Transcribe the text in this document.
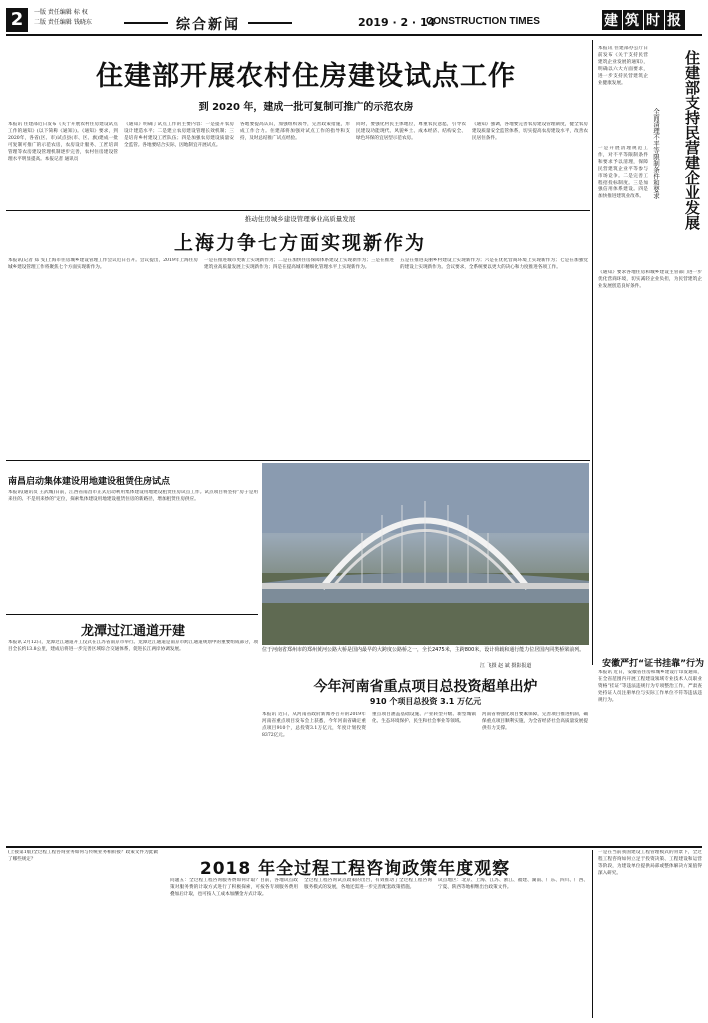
2	一版 责任编辑 标 权
二版 责任编辑 钱晓东	综合新闻	2019 · 2 · 14
CONSTRUCTION TIMES	建 筑 时 报
住建部开展农村住房建设试点工作
到 2020 年，建成一批可复制可推广的示范农房
本报讯 住建部近日发布《关于开展农村住房建设试点工作的通知》(以下简称《通知》)。《通知》要求，到2020年，各省(区、市)试点县(市、区、旗)建成一批可复制可推广的示范农房，农房设计服务、工匠培训管理等农房建设管理机制逐步完善，农村住房建设管理水平明显提高。本报记者 通讯员
《通知》明确了试点工作的主要内容：一是提升农房设计建造水平；二是建立农房建设管理长效机制；三是培育乡村建设工匠队伍；四是加强农房建设质量安全监管。各地要结合实际，因地制宜开展试点。
各地要提高认识，加强组织领导，完善政策措施，形成工作合力。住建部将加强对试点工作的指导和支持，及时总结推广试点经验。
同时，要强化村民主体地位，尊重农民意愿，引导农民建设功能现代、风貌乡土、成本经济、结构安全、绿色环保的宜居型示范农房。
《通知》强调，各地要完善农房建设管理制度，健全农房建设质量安全监管体系，切实提高农房建设水平，改善农民居住条件。	住建部支持民营建企业发展
全面清理不平等限制条件和要求
本报讯 住建部办公厅日前发布《关于支持民营建筑企业发展的通知》，明确以六大方面要求，进一步支持民营建筑企业健康发展。
一是开展清理规范工作，对不平等限制条件和要求予以清理，保障民营建筑企业平等参与市场竞争。二是完善工程招投标制度。三是加强信用体系建设。四是加快推进建筑业改革。
《通知》要求各地住房和城乡建设主管部门进一步优化营商环境，切实减轻企业负担，为民营建筑企业发展创造良好条件。
安徽严打“证书挂靠”行为
本报讯 近日，安徽省住房和城乡建设厅印发通知，在全省范围内开展工程建设领域专业技术人员职业资格“挂证”等违法违规行为专项整治工作，严肃查处持证人员注册单位与实际工作单位不符等违法违规行为。
推动住房城乡建设管理事业高质量发展
上海力争七方面实现新作为
本报讯(记者 郑 雯)上海市住房城乡建设管理工作会议近日召开。会议提出，2019年上海住房城乡建设管理工作将聚焦七个方面实现新作为。
一是在推进城市更新上实现新作为；二是在加快住房保障体系建设上实现新作为；三是在推进建筑业高质量发展上实现新作为；四是在提高城市精细化管理水平上实现新作为。
五是在推进美丽乡村建设上实现新作为；六是在优化营商环境上实现新作为；七是在加强党的建设上实现新作为。会议要求，全系统要以更大的决心和力度推进各项工作。
南昌启动集体建设用地建设租赁住房试点
本报讯(通讯员 王武城)日前，江西省南昌市正式启动利用集体建设用地建设租赁住房试点工作。试点项目将坚持“房子是用来住的、不是用来炒的”定位，探索集体建设用地建设租赁住房的新路径，增加租赁住房供应。
龙潭过江通道开建
本报讯 2月12日，龙潭过江通道开工仪式在江苏省南京市举行。龙潭过江通道是南京市跨江通道规划中的重要组成部分，项目全长约13.8公里，建成后将进一步完善区域综合交通体系，促进长江两岸协调发展。	位于河南省郑州市的郑州黄河公路大桥是国内最早的大跨度公路桥之一，全长2475米，主跨800米，设计荷载和通行能力位居国内同类桥梁前列。
江 飞摄 赵 斌 摄影报道
今年河南省重点项目总投资超单出炉
910 个项目总投资 3.1 万亿元
本报讯 近日，从河南省政府新闻办召开的2019年河南省重点项目发布会上获悉，今年河南省确定重点项目910个，总投资3.1万亿元，年度计划投资8372亿元。
重点项目涵盖基础设施、产业转型升级、新型城镇化、生态环境保护、民生和社会事业等领域。
河南省将强化项目要素保障，完善项目推进机制，确保重点项目顺利实施，为全省经济社会高质量发展提供有力支撑。
2018 年全过程工程咨询政策年度观察
(上接第1版)全过程工程咨询业务如何与传统业务相衔接？政策文件为此做了哪些规定？
问题五：全过程工程咨询服务费如何计取？目前，各地试点政策对服务费的计取方式进行了积极探索，可按各专项服务费用叠加后计取，也可按人工成本加酬金方式计取。
全过程工程咨询试点政策的出台，有效推动了全过程工程咨询服务模式的发展，各地还需进一步完善配套政策措施。
试点地区：北京、上海、江苏、浙江、福建、湖南、广东、四川、广西、宁夏、陕西等地相继出台政策文件。
一是在当前我国建设工程管理模式的背景下，全过程工程咨询如何立足于投资决策、工程建设和运营等阶段，为建设单位提供局部或整体解决方案值得深入研究。
